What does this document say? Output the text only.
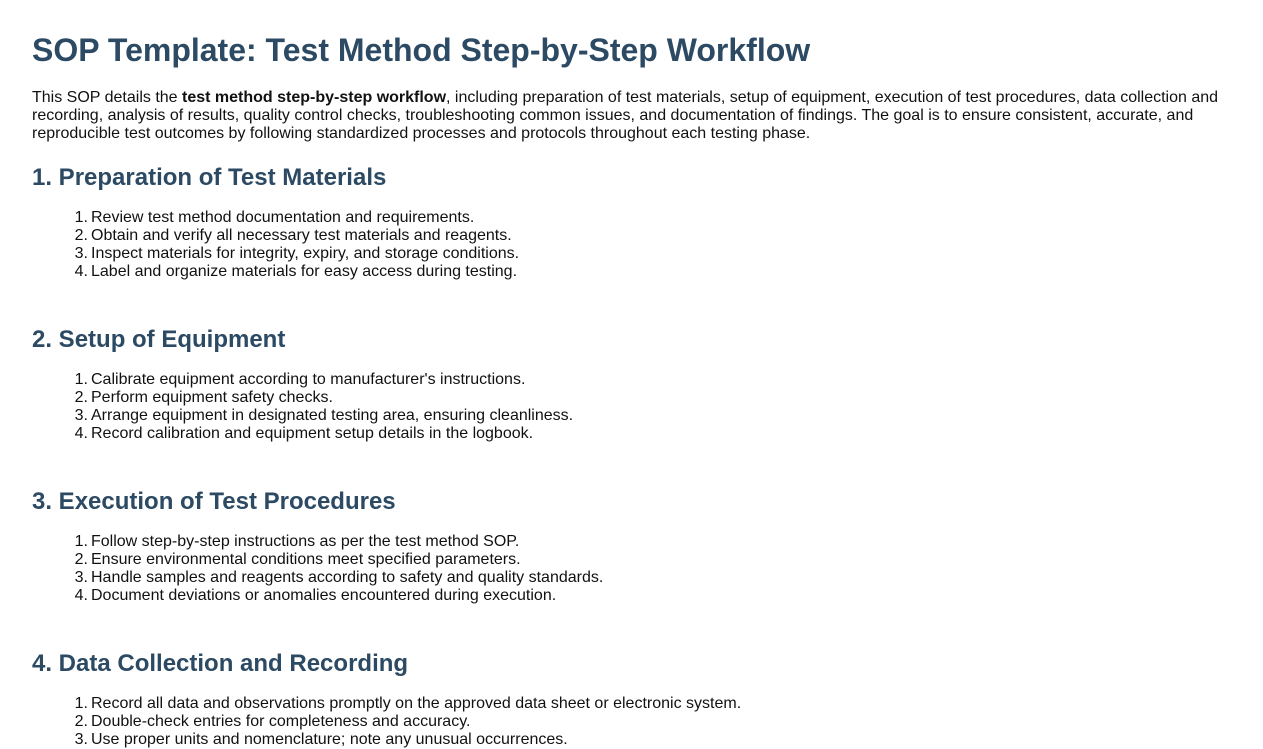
SOP Template: Test Method Step-by-Step Workflow

This SOP details the test method step-by-step workflow, including preparation of test materials, setup of equipment, execution of test procedures, data collection and
recording, analysis of results, quality control checks, troubleshooting common issues, and documentation of findings. The goal is to ensure consistent, accurate, and
reproducible test outcomes by following standardized processes and protocols throughout each testing phase.

1. Preparation of Test Materials
1. Review test method documentation and requirements.
2. Obtain and verify all necessary test materials and reagents.
3. Inspect materials for integrity, expiry, and storage conditions.
4. Label and organize materials for easy access during testing.
2. Setup of Equipment
1. Calibrate equipment according to manufacturer's instructions.
2. Perform equipment safety checks.
3. Arrange equipment in designated testing area, ensuring cleanliness.
4. Record calibration and equipment setup details in the logbook.
3. Execution of Test Procedures
1. Follow step-by-step instructions as per the test method SOP.
2. Ensure environmental conditions meet specified parameters.
3. Handle samples and reagents according to safety and quality standards.
4. Document deviations or anomalies encountered during execution.
4. Data Collection and Recording
1. Record all data and observations promptly on the approved data sheet or electronic system.
2. Double-check entries for completeness and accuracy.
3. Use proper units and nomenclature; note any unusual occurrences.
